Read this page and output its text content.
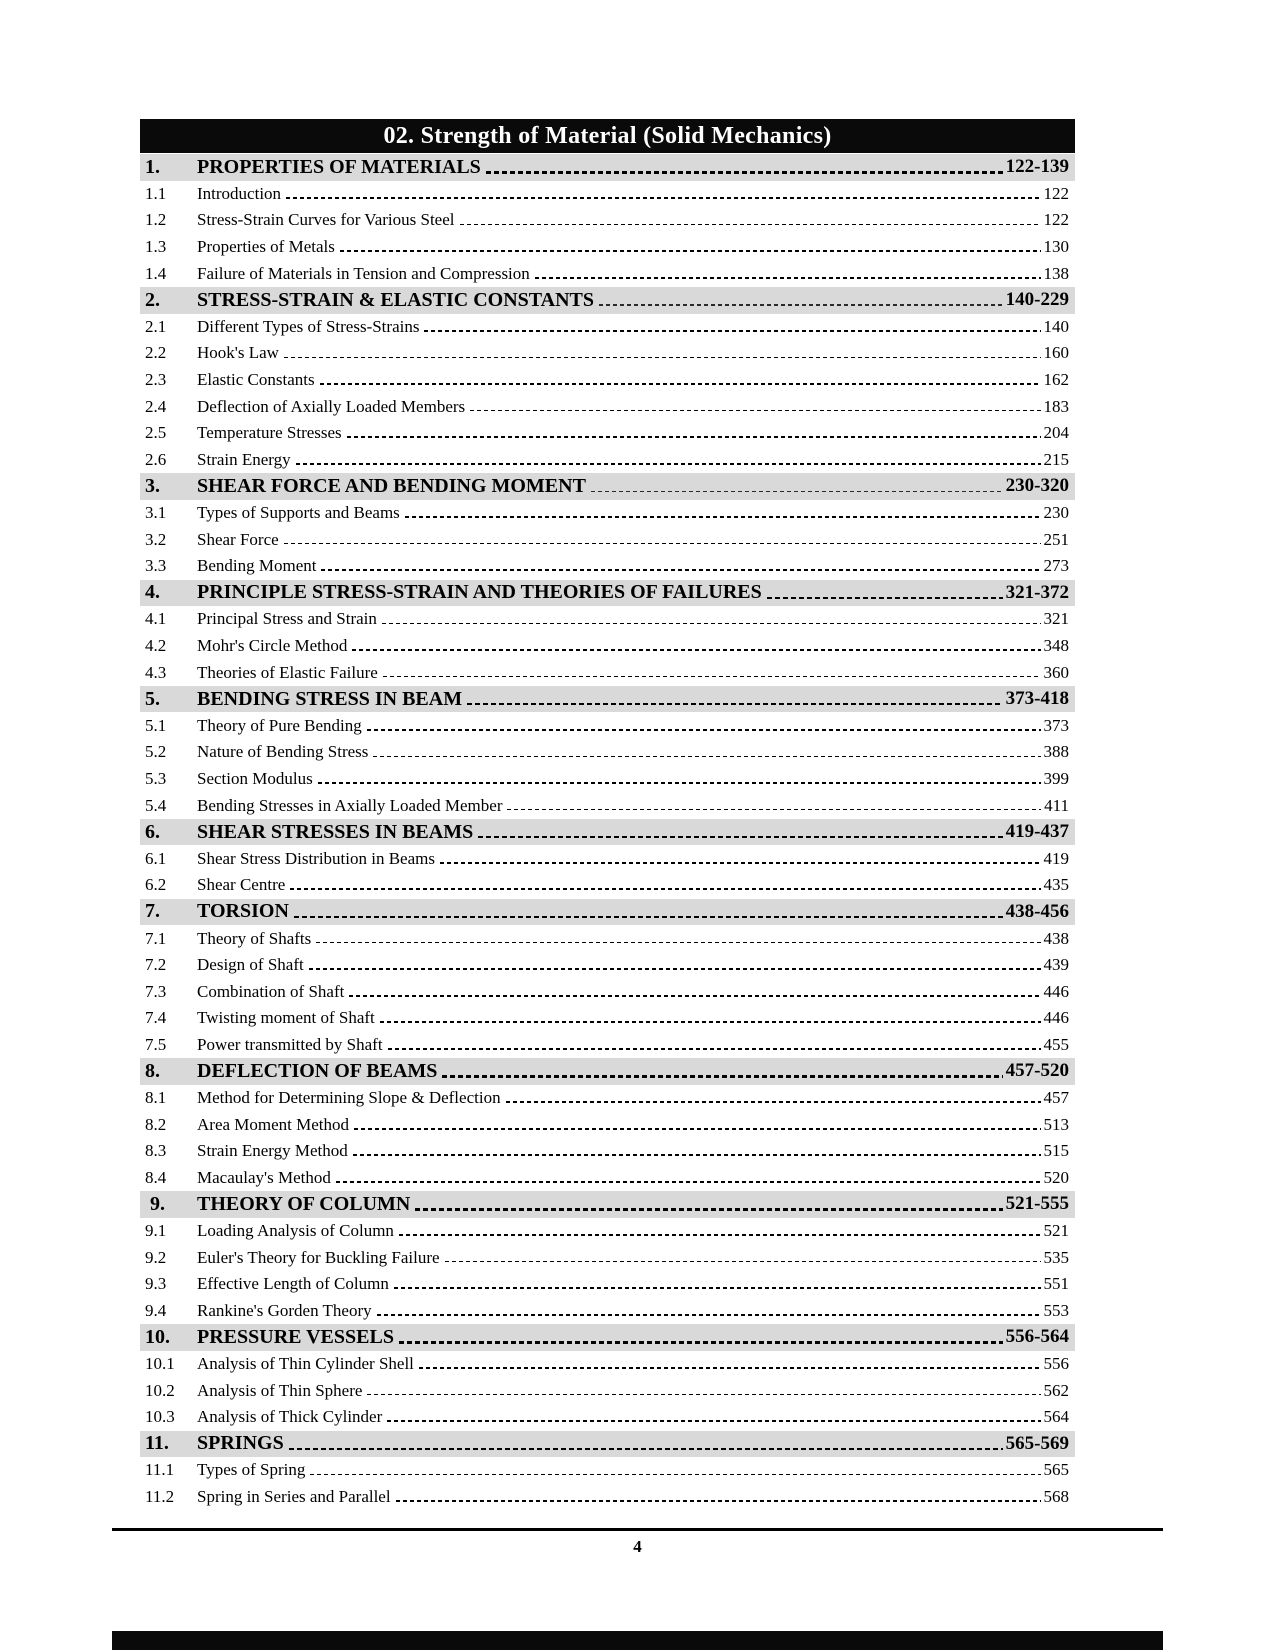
02. Strength of Material (Solid Mechanics)
1.	PROPERTIES OF MATERIALS	122-139
1.1	Introduction	122
1.2	Stress-Strain Curves for Various Steel	122
1.3	Properties of Metals	130
1.4	Failure of Materials in Tension and Compression	138
2.	STRESS-STRAIN & ELASTIC CONSTANTS	140-229
2.1	Different Types of Stress-Strains	140
2.2	Hook's Law	160
2.3	Elastic Constants	162
2.4	Deflection of Axially Loaded Members	183
2.5	Temperature Stresses	204
2.6	Strain Energy	215
3.	SHEAR FORCE AND BENDING MOMENT	230-320
3.1	Types of Supports and Beams	230
3.2	Shear Force	251
3.3	Bending Moment	273
4.	PRINCIPLE STRESS-STRAIN AND THEORIES OF FAILURES	321-372
4.1	Principal Stress and Strain	321
4.2	Mohr's Circle Method	348
4.3	Theories of Elastic Failure	360
5.	BENDING STRESS IN BEAM	373-418
5.1	Theory of Pure Bending	373
5.2	Nature of Bending Stress	388
5.3	Section Modulus	399
5.4	Bending Stresses in Axially Loaded Member	411
6.	SHEAR STRESSES IN BEAMS	419-437
6.1	Shear Stress Distribution in Beams	419
6.2	Shear Centre	435
7.	TORSION	438-456
7.1	Theory of Shafts	438
7.2	Design of Shaft	439
7.3	Combination of Shaft	446
7.4	Twisting moment of Shaft	446
7.5	Power transmitted by Shaft	455
8.	DEFLECTION OF BEAMS	457-520
8.1	Method for Determining Slope & Deflection	457
8.2	Area Moment Method	513
8.3	Strain Energy Method	515
8.4	Macaulay's Method	520
9.	THEORY OF COLUMN	521-555
9.1	Loading Analysis of Column	521
9.2	Euler's Theory for Buckling Failure	535
9.3	Effective Length of Column	551
9.4	Rankine's Gorden Theory	553
10.	PRESSURE VESSELS	556-564
10.1	Analysis of Thin Cylinder Shell	556
10.2	Analysis of Thin Sphere	562
10.3	Analysis of Thick Cylinder	564
11.	SPRINGS	565-569
11.1	Types of Spring	565
11.2	Spring in Series and Parallel	568
4
